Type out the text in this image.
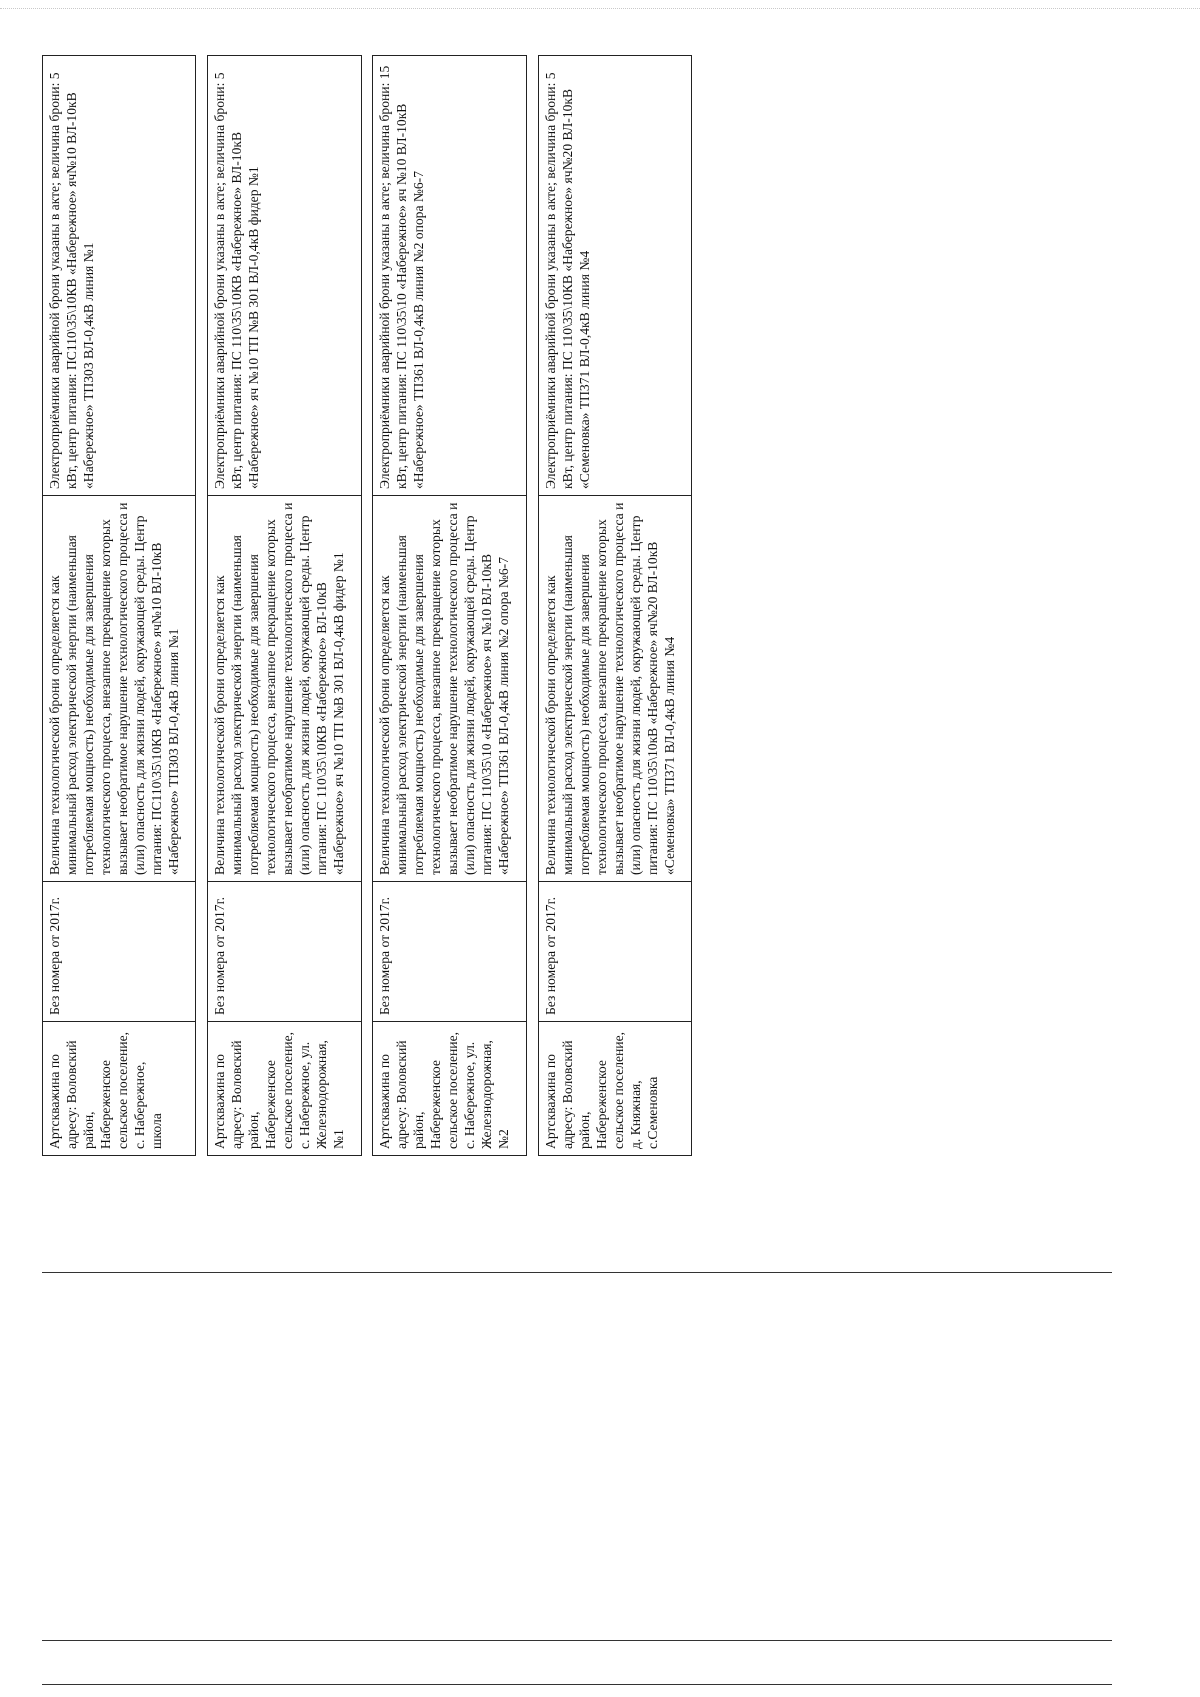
Артскважина по адресу: Воловский район, Набереженское сельское поселение, с. Набережное, школа	Без номера от 2017г.	Величина технологической брони определяется как минимальный расход электрической энергии (наименьшая потребляемая мощность) необходимые для завершения технологического процесса, внезапное прекращение которых вызывает необратимое нарушение технологического процесса и (или) опасность для жизни людей, окружающей среды. Центр питания: ПС110\35\10КВ «Набережное» яч№10 ВЛ-10кВ «Набережное» ТП303 ВЛ-0,4кВ линия №1	Электроприёмники аварийной брони указаны в акте; величина брони: 5 кВт, центр питания: ПС110\35\10КВ «Набережное» яч№10 ВЛ-10кВ «Набережное» ТП303 ВЛ-0,4кВ линия №1

Артскважина по адресу: Воловский район, Набереженское сельское поселение, с. Набережное, ул. Железнодорожная, №1	Без номера от 2017г.	Величина технологической брони определяется как минимальный расход электрической энергии (наименьшая потребляемая мощность) необходимые для завершения технологического процесса, внезапное прекращение которых вызывает необратимое нарушение технологического процесса и (или) опасность для жизни людей, окружающей среды. Центр питания: ПС 110\35\10КВ «Набережное» ВЛ-10кВ «Набережное» яч №10 ТП №В 301 ВЛ-0,4кВ фидер №1	Электроприёмники аварийной брони указаны в акте; величина брони: 5 кВт, центр питания: ПС 110\35\10КВ «Набережное» ВЛ-10кВ «Набережное» яч №10 ТП №В 301 ВЛ-0,4кВ фидер №1

Артскважина по адресу: Воловский район, Набереженское сельское поселение, с. Набережное, ул. Железнодорожная, №2	Без номера от 2017г.	Величина технологической брони определяется как минимальный расход электрической энергии (наименьшая потребляемая мощность) необходимые для завершения технологического процесса, внезапное прекращение которых вызывает необратимое нарушение технологического процесса и (или) опасность для жизни людей, окружающей среды. Центр питания: ПС 110\35\10 «Набережное» яч №10 ВЛ-10кВ «Набережное» ТП361 ВЛ-0,4кВ линия №2 опора №6-7	Электроприёмники аварийной брони указаны в акте; величина брони: 15 кВт, центр питания: ПС 110\35\10 «Набережное» яч №10 ВЛ-10кВ «Набережное» ТП361 ВЛ-0,4кВ линия №2 опора №6-7

Артскважина по адресу: Воловский район, Набереженское сельское поселение, д. Княжная, с.Семеновка	Без номера от 2017г.	Величина технологической брони определяется как минимальный расход электрической энергии (наименьшая потребляемая мощность) необходимые для завершения технологического процесса, внезапное прекращение которых вызывает необратимое нарушение технологического процесса и (или) опасность для жизни людей, окружающей среды. Центр питания: ПС 110\35\10кВ «Набережное» яч№20 ВЛ-10кВ «Семеновка» ТП371 ВЛ-0,4кВ линия №4	Электроприёмники аварийной брони указаны в акте; величина брони: 5 кВт, центр питания: ПС 110\35\10КВ «Набережное» яч№20 ВЛ-10кВ «Семеновка» ТП371 ВЛ-0,4кВ линия №4
